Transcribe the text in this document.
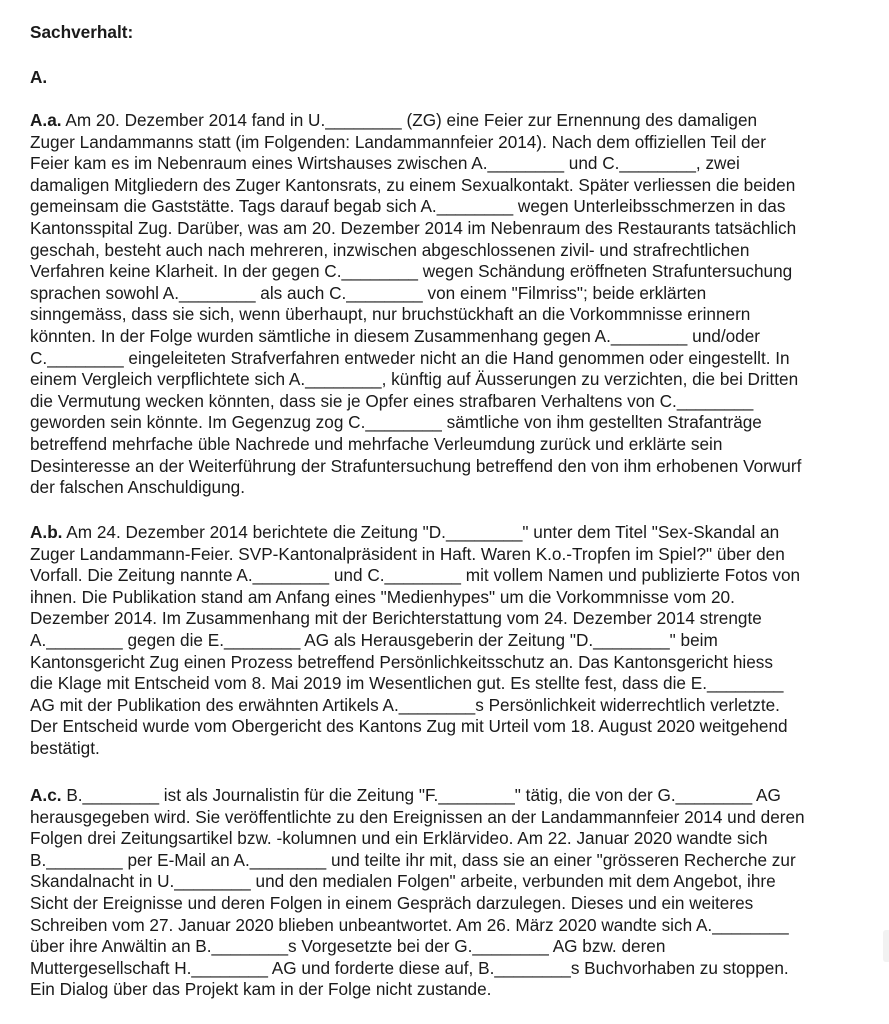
Sachverhalt:

A.

A.a. Am 20. Dezember 2014 fand in U.________ (ZG) eine Feier zur Ernennung des damaligen
Zuger Landammanns statt (im Folgenden: Landammannfeier 2014). Nach dem offiziellen Teil der
Feier kam es im Nebenraum eines Wirtshauses zwischen A.________ und C.________, zwei
damaligen Mitgliedern des Zuger Kantonsrats, zu einem Sexualkontakt. Später verliessen die beiden
gemeinsam die Gaststätte. Tags darauf begab sich A.________ wegen Unterleibsschmerzen in das
Kantonsspital Zug. Darüber, was am 20. Dezember 2014 im Nebenraum des Restaurants tatsächlich
geschah, besteht auch nach mehreren, inzwischen abgeschlossenen zivil- und strafrechtlichen
Verfahren keine Klarheit. In der gegen C.________ wegen Schändung eröffneten Strafuntersuchung
sprachen sowohl A.________ als auch C.________ von einem "Filmriss"; beide erklärten
sinngemäss, dass sie sich, wenn überhaupt, nur bruchstückhaft an die Vorkommnisse erinnern
könnten. In der Folge wurden sämtliche in diesem Zusammenhang gegen A.________ und/oder
C.________ eingeleiteten Strafverfahren entweder nicht an die Hand genommen oder eingestellt. In
einem Vergleich verpflichtete sich A.________, künftig auf Äusserungen zu verzichten, die bei Dritten
die Vermutung wecken könnten, dass sie je Opfer eines strafbaren Verhaltens von C.________
geworden sein könnte. Im Gegenzug zog C.________ sämtliche von ihm gestellten Strafanträge
betreffend mehrfache üble Nachrede und mehrfache Verleumdung zurück und erklärte sein
Desinteresse an der Weiterführung der Strafuntersuchung betreffend den von ihm erhobenen Vorwurf
der falschen Anschuldigung.
A.b. Am 24. Dezember 2014 berichtete die Zeitung "D.________" unter dem Titel "Sex-Skandal an
Zuger Landammann-Feier. SVP-Kantonalpräsident in Haft. Waren K.o.-Tropfen im Spiel?" über den
Vorfall. Die Zeitung nannte A.________ und C.________ mit vollem Namen und publizierte Fotos von
ihnen. Die Publikation stand am Anfang eines "Medienhypes" um die Vorkommnisse vom 20.
Dezember 2014. Im Zusammenhang mit der Berichterstattung vom 24. Dezember 2014 strengte
A.________ gegen die E.________ AG als Herausgeberin der Zeitung "D.________" beim
Kantonsgericht Zug einen Prozess betreffend Persönlichkeitsschutz an. Das Kantonsgericht hiess
die Klage mit Entscheid vom 8. Mai 2019 im Wesentlichen gut. Es stellte fest, dass die E.________
AG mit der Publikation des erwähnten Artikels A.________s Persönlichkeit widerrechtlich verletzte.
Der Entscheid wurde vom Obergericht des Kantons Zug mit Urteil vom 18. August 2020 weitgehend
bestätigt.
A.c. B.________ ist als Journalistin für die Zeitung "F.________" tätig, die von der G.________ AG
herausgegeben wird. Sie veröffentlichte zu den Ereignissen an der Landammannfeier 2014 und deren
Folgen drei Zeitungsartikel bzw. -kolumnen und ein Erklärvideo. Am 22. Januar 2020 wandte sich
B.________ per E-Mail an A.________ und teilte ihr mit, dass sie an einer "grösseren Recherche zur
Skandalnacht in U.________ und den medialen Folgen" arbeite, verbunden mit dem Angebot, ihre
Sicht der Ereignisse und deren Folgen in einem Gespräch darzulegen. Dieses und ein weiteres
Schreiben vom 27. Januar 2020 blieben unbeantwortet. Am 26. März 2020 wandte sich A.________
über ihre Anwältin an B.________s Vorgesetzte bei der G.________ AG bzw. deren
Muttergesellschaft H.________ AG und forderte diese auf, B.________s Buchvorhaben zu stoppen.
Ein Dialog über das Projekt kam in der Folge nicht zustande.
